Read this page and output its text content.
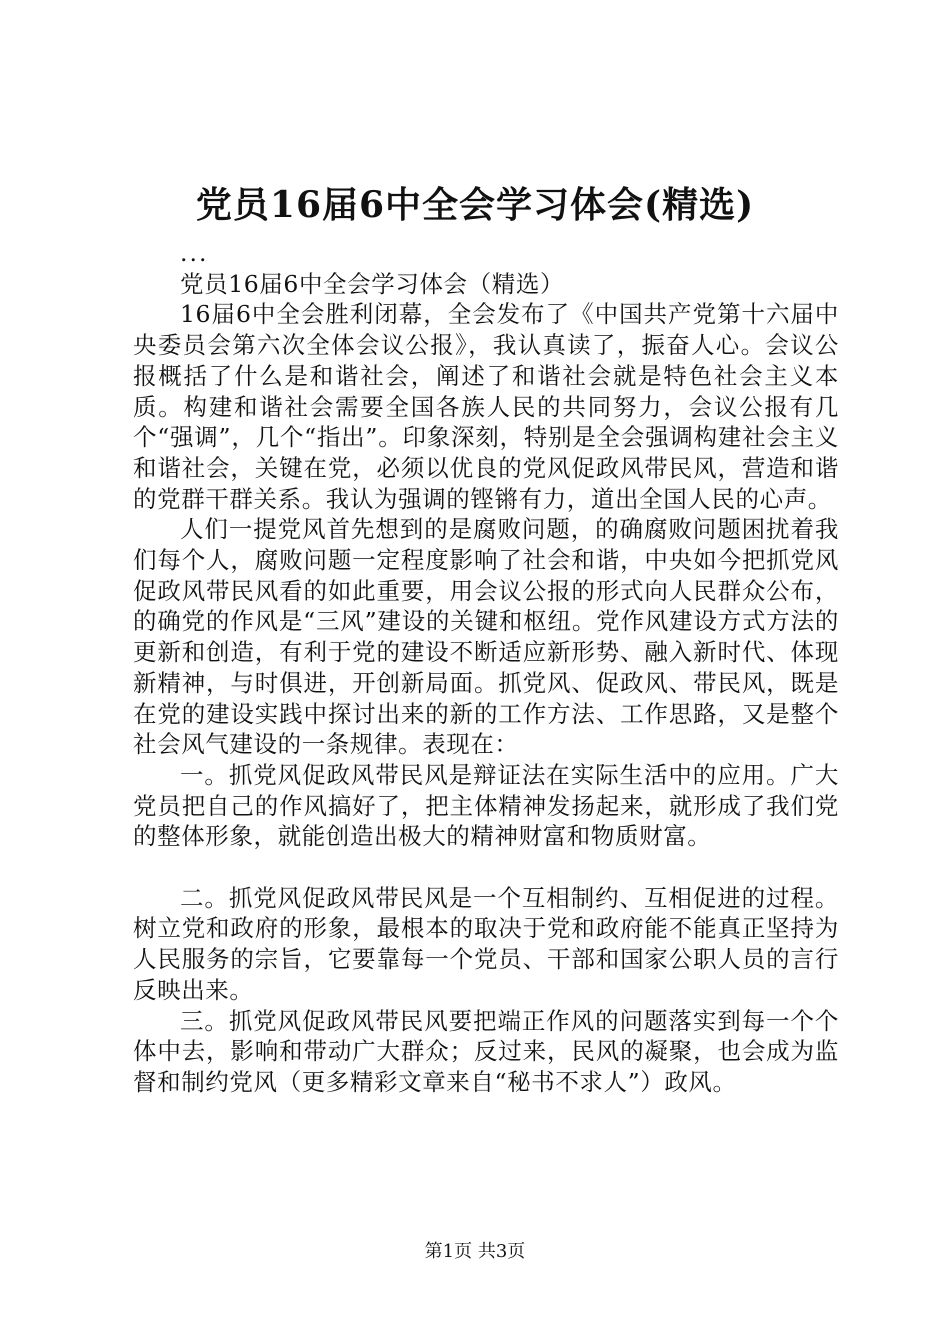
党员16届6中全会学习体会(精选)

...

党员16届6中全会学习体会（精选）

16届6中全会胜利闭幕，全会发布了《中国共产党第十六届中央委员会第六次全体会议公报》，我认真读了，振奋人心。会议公报概括了什么是和谐社会，阐述了和谐社会就是特色社会主义本质。构建和谐社会需要全国各族人民的共同努力，会议公报有几个“强调”，几个“指出”。印象深刻，特别是全会强调构建社会主义和谐社会，关键在党，必须以优良的党风促政风带民风，营造和谐的党群干群关系。我认为强调的铿锵有力，道出全国人民的心声。

人们一提党风首先想到的是腐败问题，的确腐败问题困扰着我们每个人，腐败问题一定程度影响了社会和谐，中央如今把抓党风促政风带民风看的如此重要，用会议公报的形式向人民群众公布，的确党的作风是“三风”建设的关键和枢纽。党作风建设方式方法的更新和创造，有利于党的建设不断适应新形势、融入新时代、体现新精神，与时俱进，开创新局面。抓党风、促政风、带民风，既是在党的建设实践中探讨出来的新的工作方法、工作思路，又是整个社会风气建设的一条规律。表现在：

一。抓党风促政风带民风是辩证法在实际生活中的应用。广大党员把自己的作风搞好了，把主体精神发扬起来，就形成了我们党的整体形象，就能创造出极大的精神财富和物质财富。

二。抓党风促政风带民风是一个互相制约、互相促进的过程。树立党和政府的形象，最根本的取决于党和政府能不能真正坚持为人民服务的宗旨，它要靠每一个党员、干部和国家公职人员的言行反映出来。

三。抓党风促政风带民风要把端正作风的问题落实到每一个个体中去，影响和带动广大群众；反过来，民风的凝聚，也会成为监督和制约党风（更多精彩文章来自“秘书不求人”）政风。

第1页 共3页
